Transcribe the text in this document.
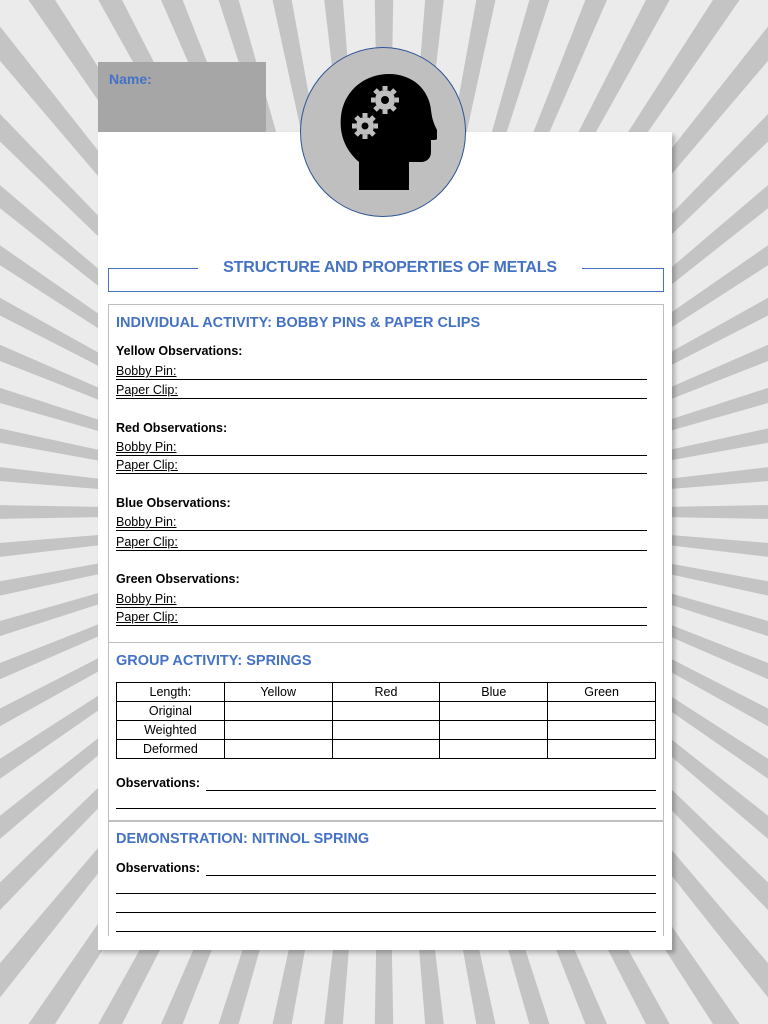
Name:
STRUCTURE AND PROPERTIES OF METALS
INDIVIDUAL ACTIVITY: BOBBY PINS & PAPER CLIPS
Yellow Observations:
Bobby Pin:
Paper Clip:
Red Observations:
Bobby Pin:
Paper Clip:
Blue Observations:
Bobby Pin:
Paper Clip:
Green Observations:
Bobby Pin:
Paper Clip:
GROUP ACTIVITY: SPRINGS
Length:	Yellow	Red	Blue	Green
Original				
Weighted				
Deformed				
Observations:
DEMONSTRATION: NITINOL SPRING
Observations:
